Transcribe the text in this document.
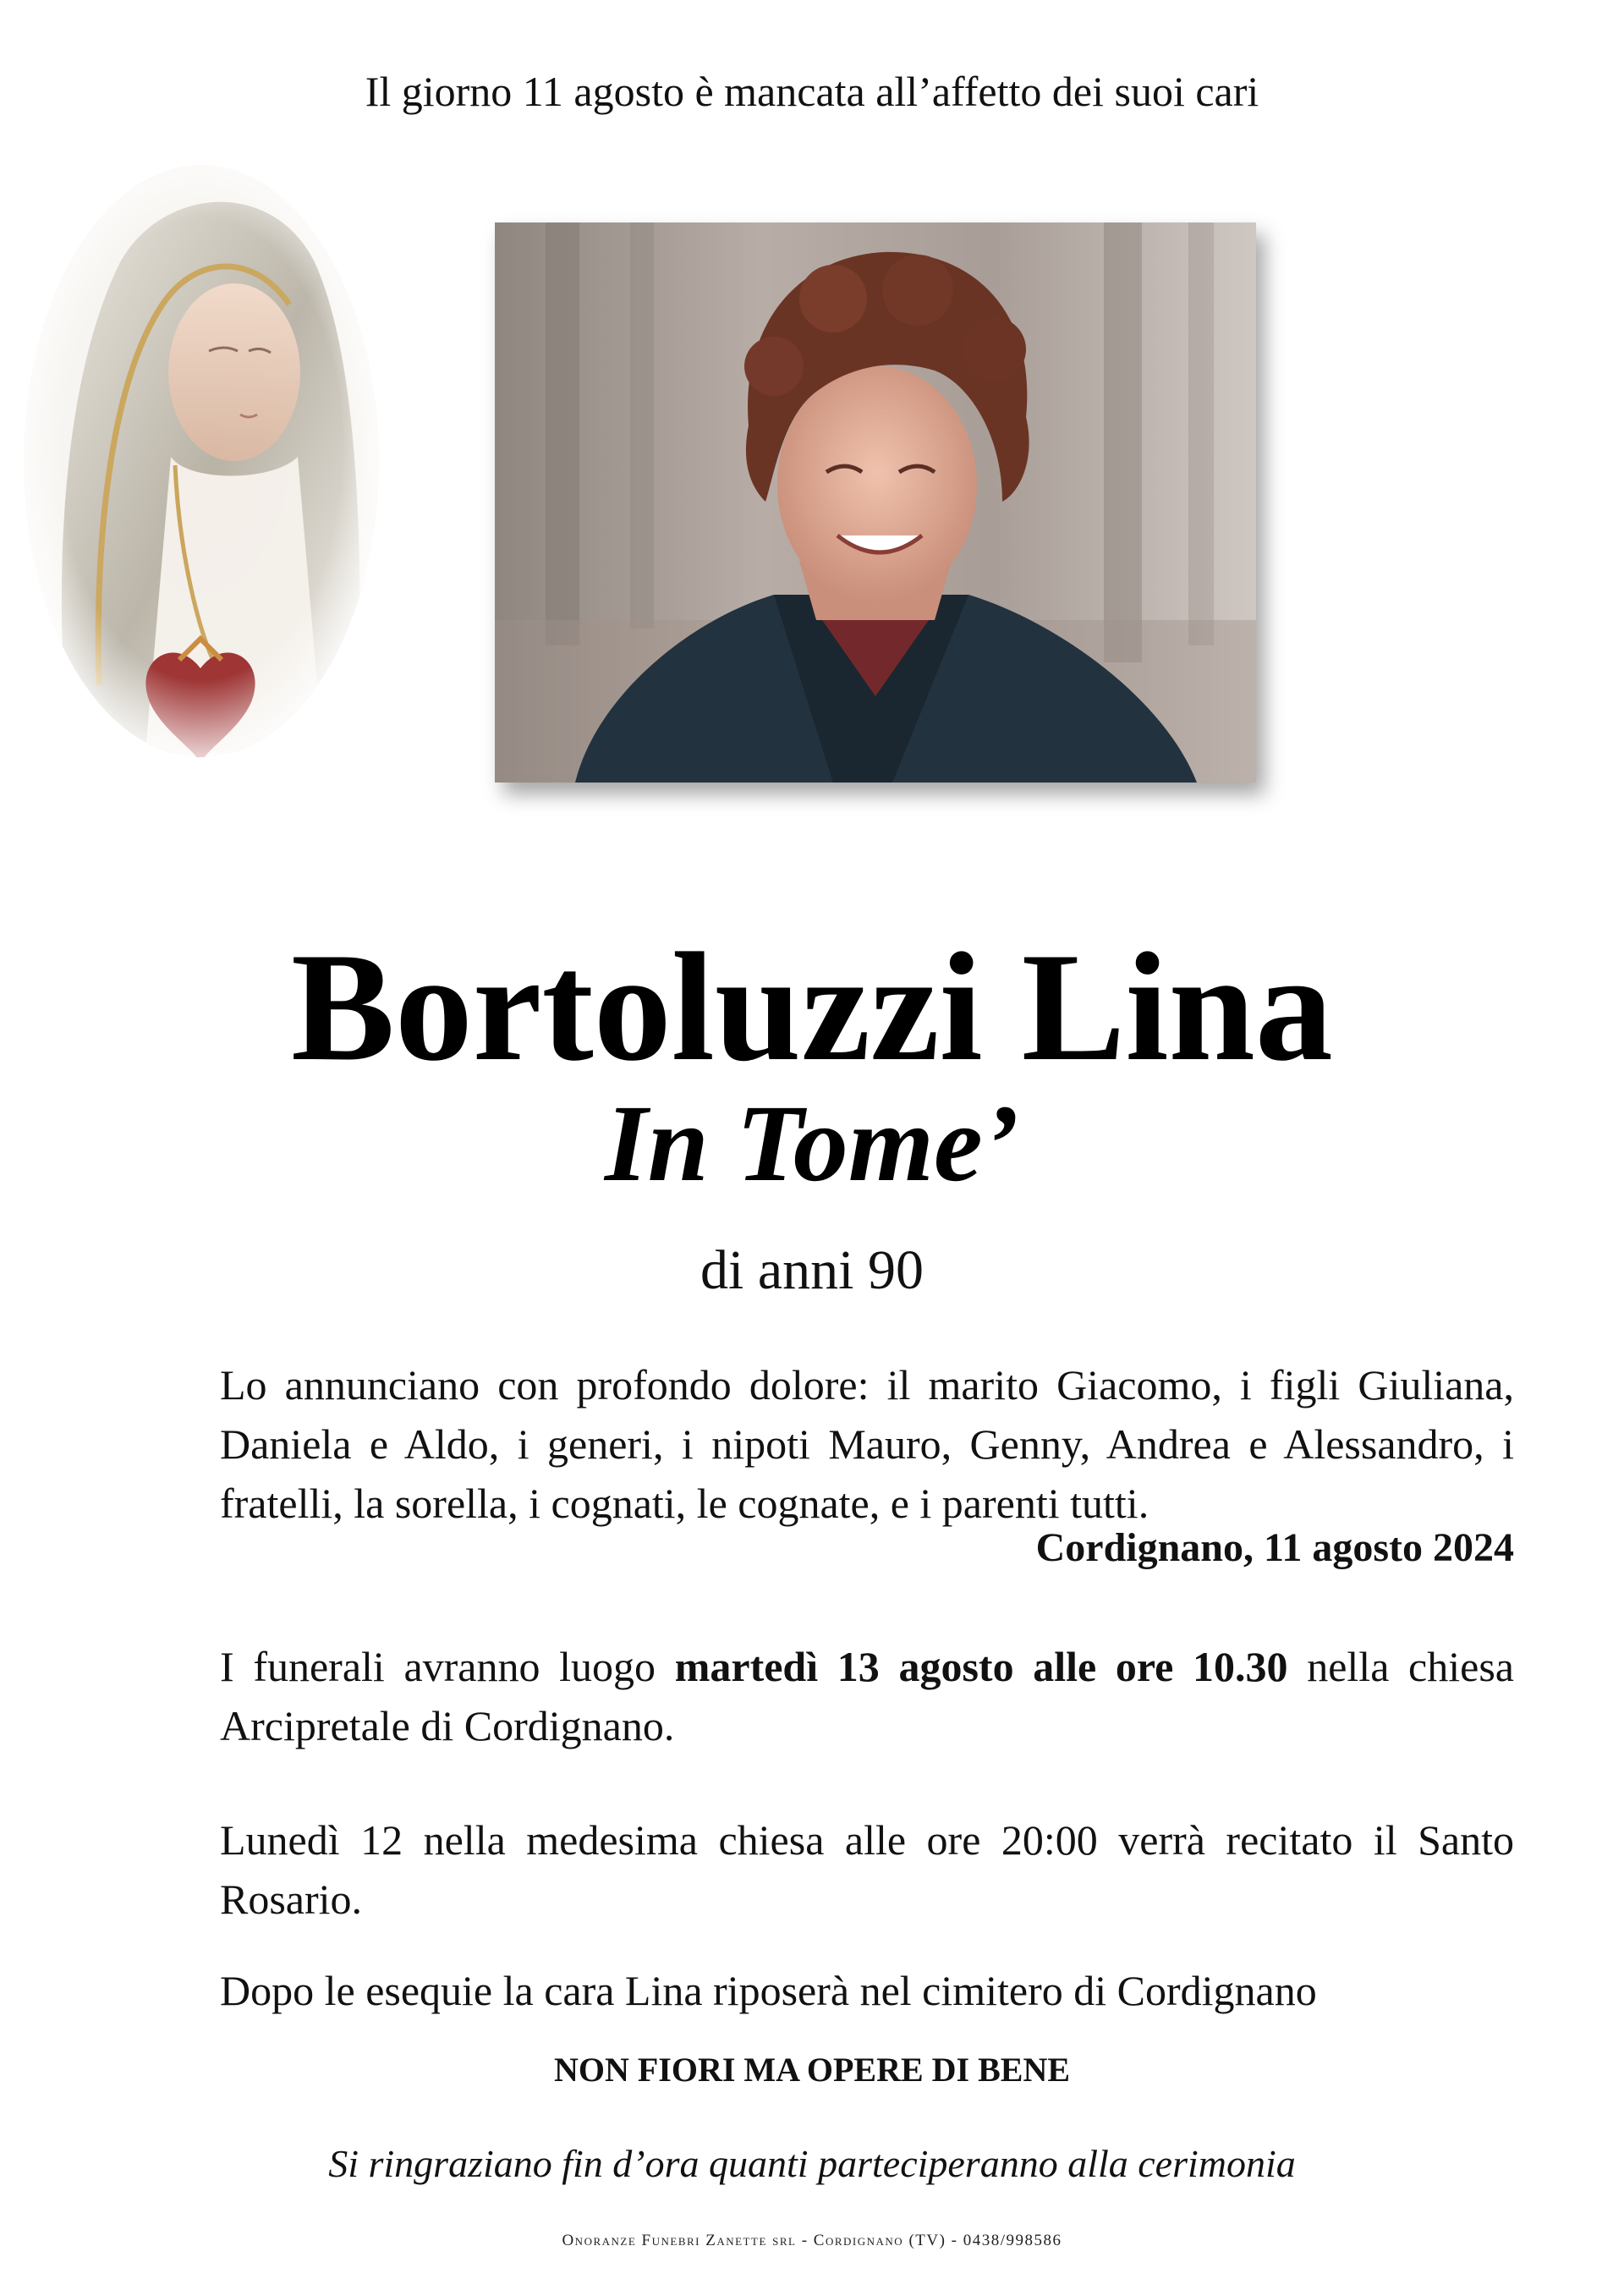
Il giorno 11 agosto è mancata all’affetto dei suoi cari
Bortoluzzi Lina
In Tome’
di anni 90
Lo annunciano con profondo dolore: il marito Giacomo, i figli Giuliana, Daniela e Aldo, i generi, i nipoti Mauro, Genny, Andrea e Alessandro, i fratelli, la sorella, i cognati, le cognate, e i parenti tutti.
Cordignano, 11 agosto 2024
I funerali avranno luogo martedì 13 agosto alle ore 10.30 nella chiesa Arcipretale di Cordignano.
Lunedì 12 nella medesima chiesa alle ore 20:00 verrà recitato il Santo Rosario.
Dopo le esequie la cara Lina riposerà nel cimitero di Cordignano
NON FIORI MA OPERE DI BENE
Si ringraziano fin d’ora quanti parteciperanno alla cerimonia
Onoranze Funebri Zanette srl - Cordignano (TV) - 0438/998586
